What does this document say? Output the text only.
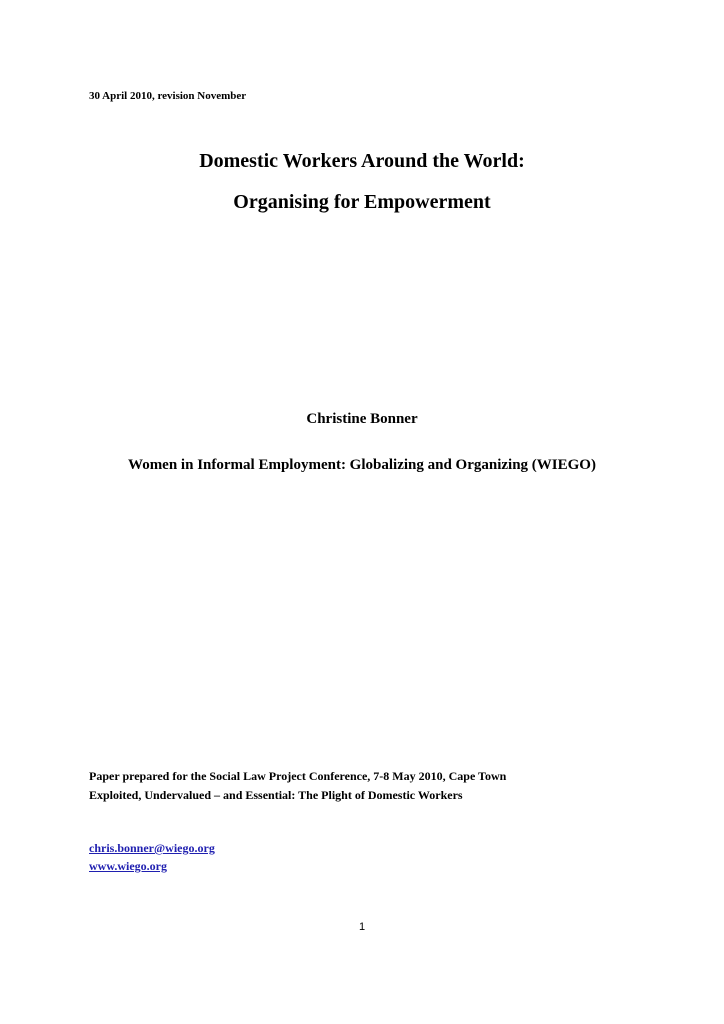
30 April 2010, revision November
Domestic Workers Around the World:
Organising for Empowerment
Christine Bonner
Women in Informal Employment: Globalizing and Organizing (WIEGO)
Paper prepared for the Social Law Project Conference, 7-8 May 2010, Cape Town
Exploited, Undervalued – and Essential: The Plight of Domestic Workers
chris.bonner@wiego.org
www.wiego.org
1
